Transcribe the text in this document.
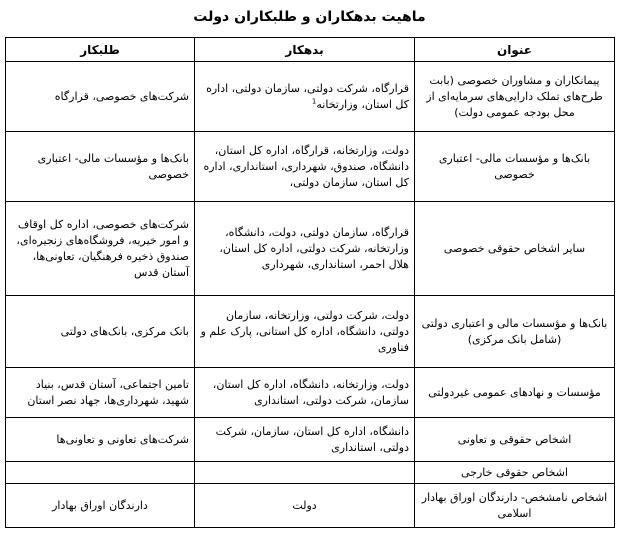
ماهیت بدهکاران و طلبکاران دولت
عنوان	بدهکار	طلبکار
پیمانکاران و مشاوران خصوصی (بابت طرح‌های تملک دارایی‌های سرمایه‌ای از محل بودجه عمومی دولت)	قرارگاه، شرکت دولتی، سازمان دولتی، اداره کل استان، وزارتخانه$^1$	شرکت‌های خصوصی، قرارگاه
بانک‌ها و مؤسسات مالی- اعتباری خصوصی	دولت، وزارتخانه، قرارگاه، اداره کل استان، دانشگاه، صندوق، شهرداری، استانداری، اداره کل استان، سازمان دولتی،	بانک‌ها و مؤسسات مالی- اعتباری خصوصی
سایر اشخاص حقوقی خصوصی	قرارگاه، سازمان دولتی، دولت، دانشگاه، وزارتخانه، شرکت دولتی، اداره کل استان، هلال احمر، استانداری، شهرداری	شرکت‌های خصوصی، اداره کل اوقاف و امور خیریه، فروشگاه‌های زنجیره‌ای، صندوق ذخیره فرهنگیان، تعاونی‌ها، آستان قدس
بانک‌ها و مؤسسات مالی و اعتباری دولتی (شامل بانک مرکزی)	دولت، شرکت دولتی، وزارتخانه، سازمان دولتی، دانشگاه، اداره کل استانی، پارک علم و فناوری	بانک مرکزی، بانک‌های دولتی
مؤسسات و نهادهای عمومی غیردولتی	دولت، وزارتخانه، دانشگاه، اداره کل استان، سازمان، شرکت دولتی، استانداری	تامین اجتماعی، آستان قدس، بنیاد شهید، شهرداری‌ها، جهاد نصر استان
اشخاص حقوقی و تعاونی	دانشگاه، اداره کل استان، سازمان، شرکت دولتی، استانداری	شرکت‌های تعاونی و تعاونی‌ها
اشخاص حقوقی خارجی		
اشخاص نامشخص- دارندگان اوراق بهادار اسلامی	دولت	دارندگان اوراق بهادار
